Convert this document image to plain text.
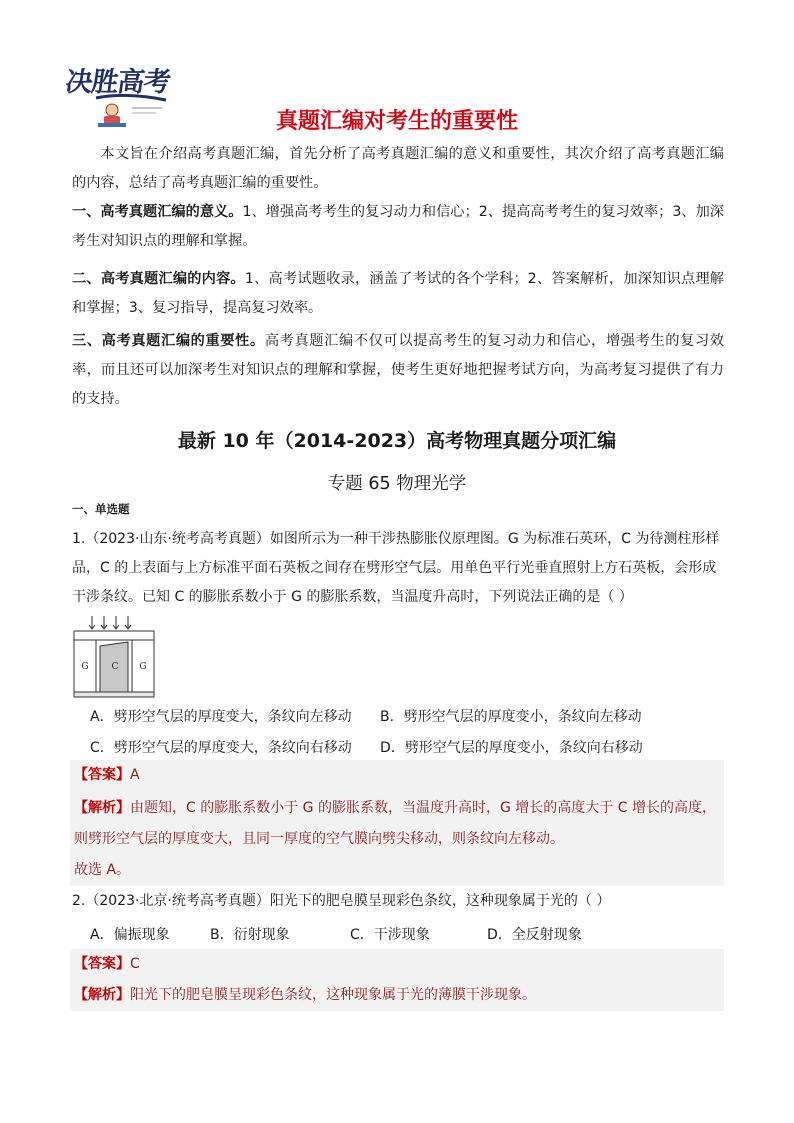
决胜高考
真题汇编对考生的重要性
本文旨在介绍高考真题汇编，首先分析了高考真题汇编的意义和重要性，其次介绍了高考真题汇编的内容，总结了高考真题汇编的重要性。
一、高考真题汇编的意义。1、增强高考考生的复习动力和信心；2、提高高考考生的复习效率；3、加深考生对知识点的理解和掌握。
二、高考真题汇编的内容。1、高考试题收录，涵盖了考试的各个学科；2、答案解析，加深知识点理解和掌握；3、复习指导，提高复习效率。
三、高考真题汇编的重要性。高考真题汇编不仅可以提高考生的复习动力和信心，增强考生的复习效率，而且还可以加深考生对知识点的理解和掌握，使考生更好地把握考试方向，为高考复习提供了有力的支持。
最新 10 年（2014-2023）高考物理真题分项汇编
专题 65 物理光学
一、单选题
1.（2023·山东·统考高考真题）如图所示为一种干涉热膨胀仪原理图。G 为标准石英环，C 为待测柱形样品，C 的上表面与上方标准平面石英板之间存在劈形空气层。用单色平行光垂直照射上方石英板，会形成干涉条纹。已知 C 的膨胀系数小于 G 的膨胀系数，当温度升高时，下列说法正确的是（ ）
G	C G
A．劈形空气层的厚度变大，条纹向左移动 B．劈形空气层的厚度变小，条纹向左移动
C．劈形空气层的厚度变大，条纹向右移动 D．劈形空气层的厚度变小，条纹向右移动
【答案】A
【解析】由题知，C 的膨胀系数小于 G 的膨胀系数，当温度升高时，G 增长的高度大于 C 增长的高度，则劈形空气层的厚度变大，且同一厚度的空气膜向劈尖移动，则条纹向左移动。
故选 A。
2.（2023·北京·统考高考真题）阳光下的肥皂膜呈现彩色条纹，这种现象属于光的（ ）
A．偏振现象	B．衍射现象	C．干涉现象	D．全反射现象
【答案】C
【解析】阳光下的肥皂膜呈现彩色条纹，这种现象属于光的薄膜干涉现象。
